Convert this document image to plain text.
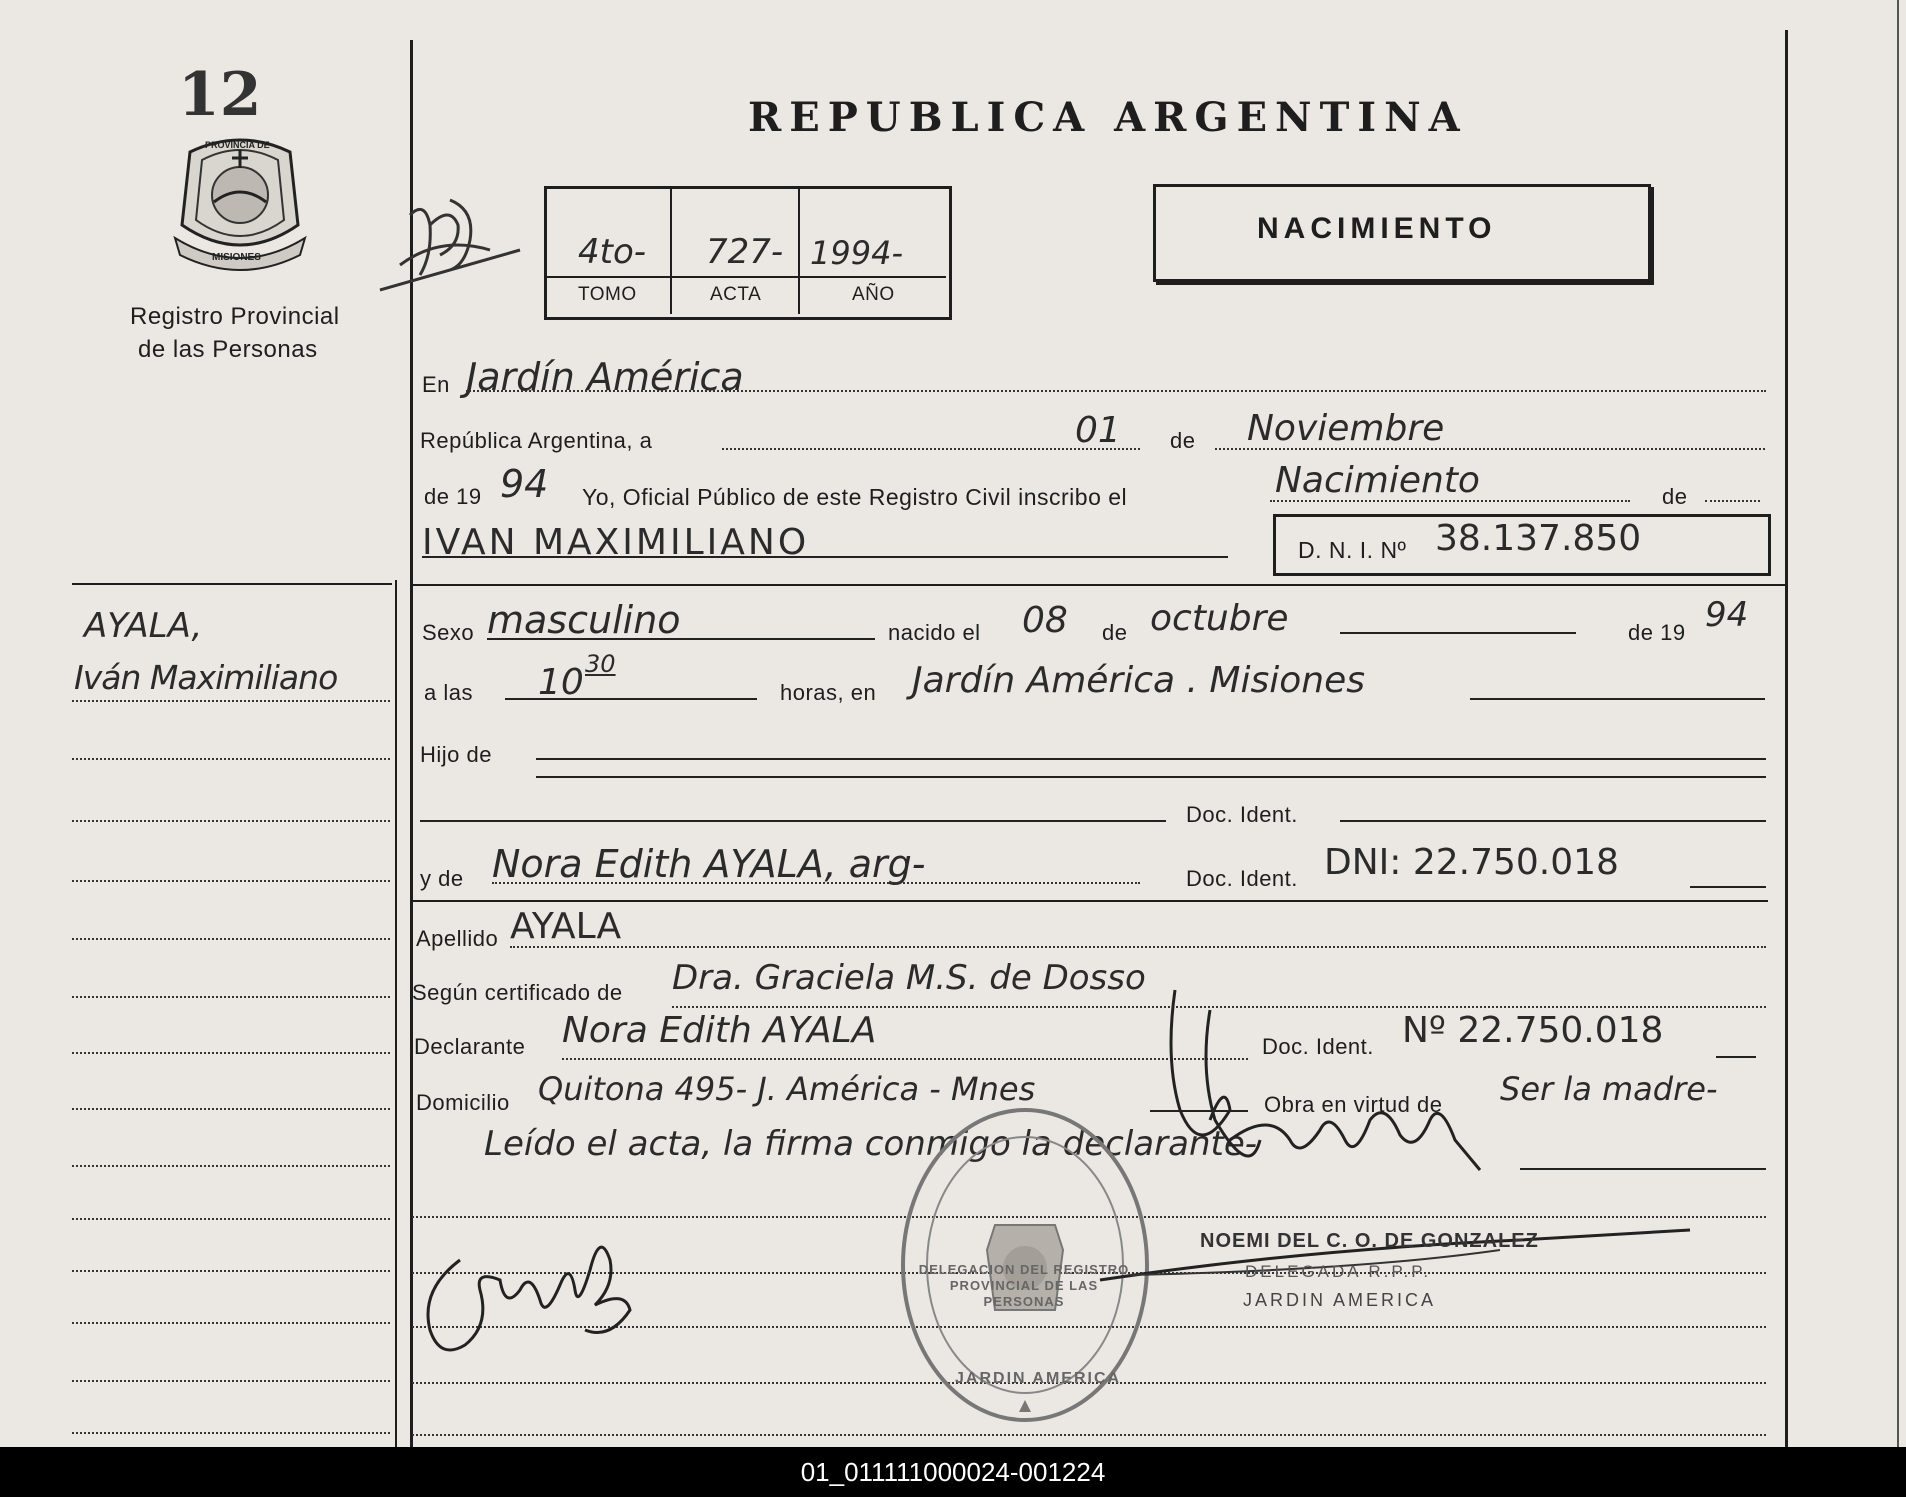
12
PROVINCIA DE
MISIONES
Registro Provincial
de las Personas
AYALA,
Iván Maximiliano
REPUBLICA ARGENTINA
4to- 727- 1994-
TOMO	ACTA	AÑO
NACIMIENTO
En Jardín América
República Argentina, a	01 de Noviembre
de 19 94 Yo, Oficial Público de este Registro Civil inscribo el	Nacimiento	de
IVAN MAXIMILIANO	D. N. I. Nº 38.137.850
Sexo masculino	nacido el 08 de octubre	de 19 94
a las 10 30
horas, en Jardín América . Misiones
Hijo de
Doc. Ident.
y de Nora Edith AYALA, arg-	Doc. Ident. DNI: 22.750.018
Apellido AYALA
Según certificado de Dra. Graciela M.S. de Dosso
Declarante Nora Edith AYALA	Doc. Ident. Nº 22.750.018
Domicilio Quitona 495- J. América - Mnes	Obra en virtud de Ser la madre-
Leído el acta, la firma conmigo la declarante-
DELEGACION DEL REGISTRO PROVINCIAL DE LAS PERSONAS
JARDIN AMERICA
NOEMI DEL C. O. DE GONZALEZ
DELEGADA R.P.P.
JARDIN AMERICA
01_011111000024-001224
